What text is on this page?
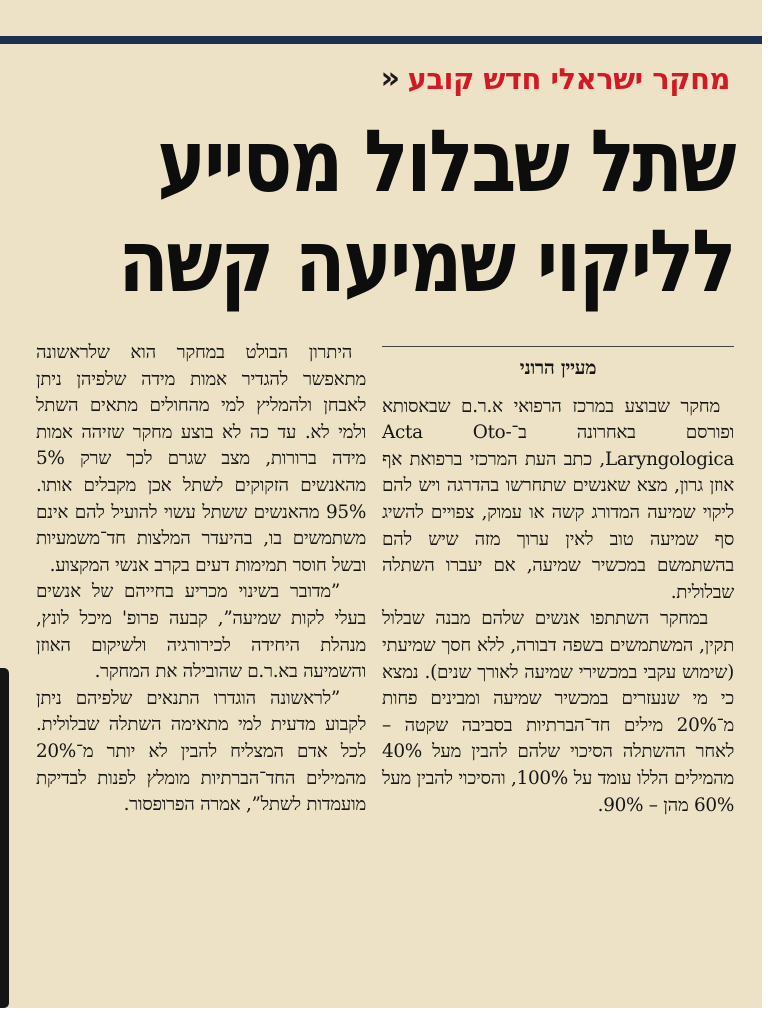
מחקר ישראלי חדש קובע
«
שתל שבלול מסייע
לליקוי שמיעה קשה
מעיין הרוני

מחקר שבוצע במרכז הרפואי א.ר.ם שבאסותא ופורסם באחרונה ב־Acta Oto-Laryngologica, כתב העת המרכזי ברפואת אף אוזן גרון, מצא שאנשים שתחרשו בהדרגה ויש להם ליקוי שמיעה המדורג קשה או עמוק, צפויים להשיג סף שמיעה טוב לאין ערוך מזה שיש להם בהשתמשם במכשיר שמיעה, אם יעברו השתלה שבלולית.

במחקר השתתפו אנשים שלהם מבנה שבלול תקין, המשתמשים בשפה דבורה, ללא חסך שמיעתי (שימוש עקבי במכשירי שמיעה לאורך שנים). נמצא כי מי שנעזרים במכשיר שמיעה ומבינים פחות מ־20% מילים חד־הברתיות בסביבה שקטה – לאחר ההשתלה הסיכוי שלהם להבין מעל 40% מהמילים הללו עומד על 100%, והסיכוי להבין מעל 60% מהן – 90%.

היתרון הבולט במחקר הוא שלראשונה מתאפשר להגדיר אמות מידה שלפיהן ניתן לאבחן ולהמליץ למי מהחולים מתאים השתל ולמי לא. עד כה לא בוצע מחקר שזיהה אמות מידה ברורות, מצב שגרם לכך שרק 5% מהאנשים הזקוקים לשתל אכן מקבלים אותו. 95% מהאנשים ששתל עשוי להועיל להם אינם משתמשים בו, בהיעדר המלצות חד־משמעיות ובשל חוסר תמימות דעים בקרב אנשי המקצוע.

”מדובר בשינוי מכריע בחייהם של אנשים בעלי לקות שמיעה”, קבעה פרופ' מיכל לונץ, מנהלת היחידה לכירורגיה ולשיקום האוזן והשמיעה בא.ר.ם שהובילה את המחקר.

”לראשונה הוגדרו התנאים שלפיהם ניתן לקבוע מדעית למי מתאימה השתלה שבלולית. לכל אדם המצליח להבין לא יותר מ־20% מהמילים החד־הברתיות מומלץ לפנות לבדיקת מועמדות לשתל”, אמרה הפרופסור.
